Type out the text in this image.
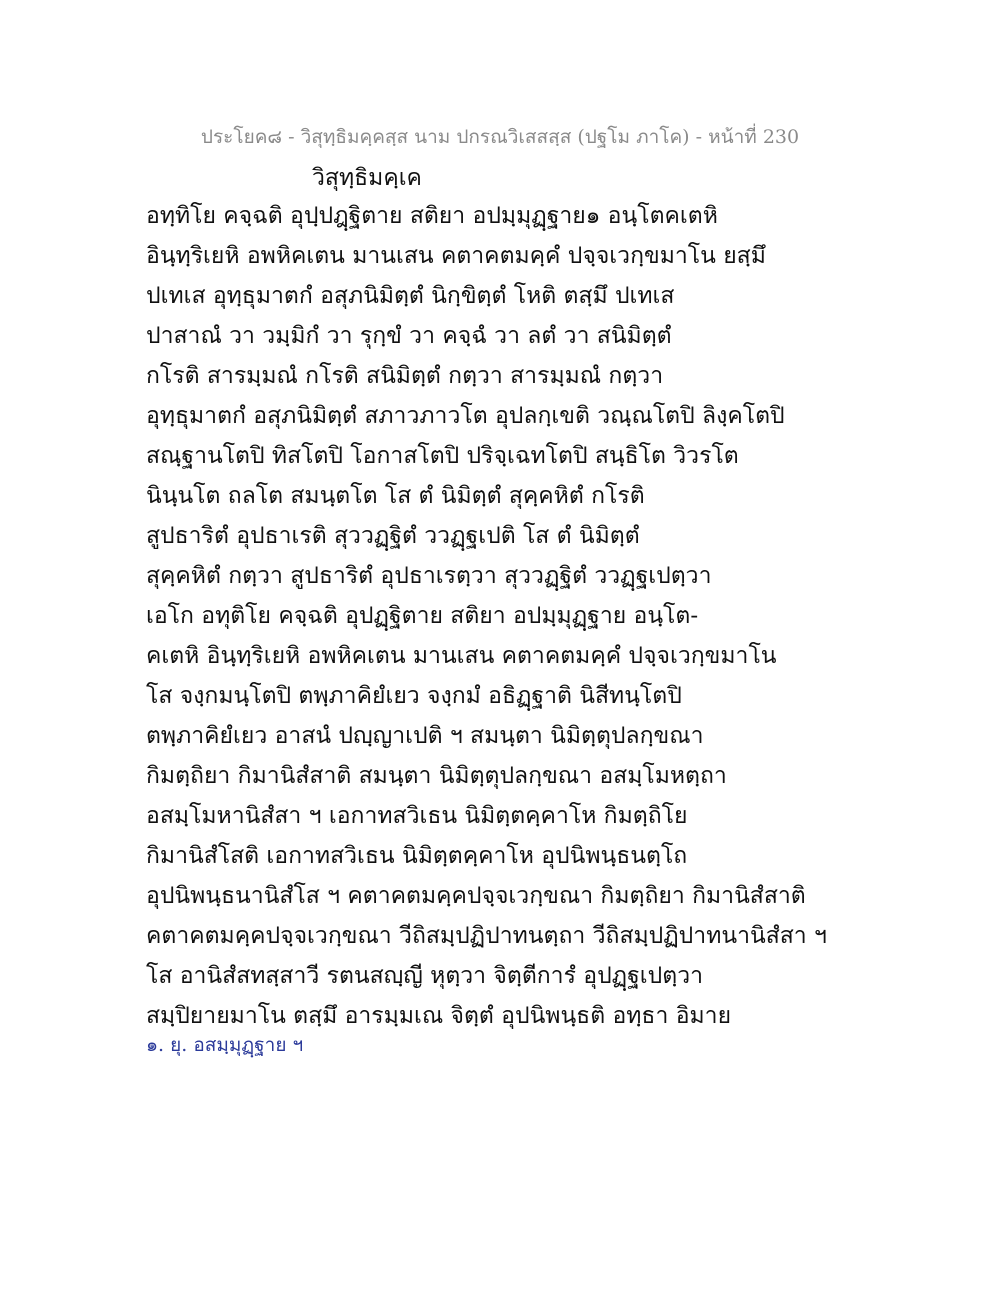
ประโยค๘ - วิสุทฺธิมคฺคสฺส นาม ปกรณวิเสสสฺส (ปฐโม ภาโค) - หน้าที่ 230
วิสุทฺธิมคฺเค
อทฺทิโย คจฺฉติ อุปฺปฎฺฐิตาย สติยา อปมฺมุฏฺฐาย๑ อนฺโตคเตหิ
อินฺทฺริเยหิ อพหิคเตน มานเสน คตาคตมคฺคํ ปจฺจเวกฺขมาโน ยสฺมึ
ปเทเส อุทฺธุมาตกํ อสุภนิมิตฺตํ นิกฺขิตฺตํ โหติ ตสฺมึ ปเทเส
ปาสาณํ วา วมฺมิกํ วา รุกฺขํ วา คจฺฉํ วา ลตํ วา สนิมิตฺตํ
กโรติ สารมฺมณํ กโรติ สนิมิตฺตํ กตฺวา สารมฺมณํ กตฺวา
อุทฺธุมาตกํ อสุภนิมิตฺตํ สภาวภาวโต อุปลกฺเขติ วณฺณโตปิ ลิงฺคโตปิ
สณฺฐานโตปิ ทิสโตปิ โอกาสโตปิ ปริจฺเฉทโตปิ สนฺธิโต วิวรโต
นินฺนโต ถลโต สมนฺตโต โส ตํ นิมิตฺตํ สุคฺคหิตํ กโรติ
สูปธาริตํ อุปธาเรติ สุววฏฺฐิตํ ววฏฺฐเปติ โส ตํ นิมิตฺตํ
สุคฺคหิตํ กตฺวา สูปธาริตํ อุปธาเรตฺวา สุววฏฺฐิตํ ววฏฺฐเปตฺวา
เอโก อทุติโย คจฺฉติ อุปฏฺฐิตาย สติยา อปมฺมุฏฺฐาย อนฺโต-
คเตหิ อินฺทฺริเยหิ อพหิคเตน มานเสน คตาคตมคฺคํ ปจฺจเวกฺขมาโน
โส จงฺกมนฺโตปิ ตพฺภาคิยํเยว จงฺกมํ อธิฏฺฐาติ นิสีทนฺโตปิ
ตพฺภาคิยํเยว อาสนํ ปญฺญาเปติ ฯ สมนฺตา นิมิตฺตุปลกฺขณา
กิมตฺถิยา กิมานิสํสาติ สมนฺตา นิมิตฺตุปลกฺขณา อสมฺโมหตฺถา
อสมฺโมหานิสํสา ฯ เอกาทสวิเธน นิมิตฺตคฺคาโห กิมตฺถิโย
กิมานิสํโสติ เอกาทสวิเธน นิมิตฺตคฺคาโห อุปนิพนฺธนตฺโถ
อุปนิพนฺธนานิสํโส ฯ คตาคตมคฺคปจฺจเวกฺขณา กิมตฺถิยา กิมานิสํสาติ
คตาคตมคฺคปจฺจเวกฺขณา วีถิสมฺปฏิปาทนตฺถา วีถิสมฺปฏิปาทนานิสํสา ฯ
โส อานิสํสทสฺสาวี รตนสญฺญี หุตฺวา จิตฺตีการํ อุปฏฺฐเปตฺวา
สมฺปิยายมาโน ตสฺมึ อารมฺมเณ จิตฺตํ อุปนิพนฺธติ อทฺธา อิมาย
๑. ยุ. อสมฺมุฏฺฐาย ฯ
